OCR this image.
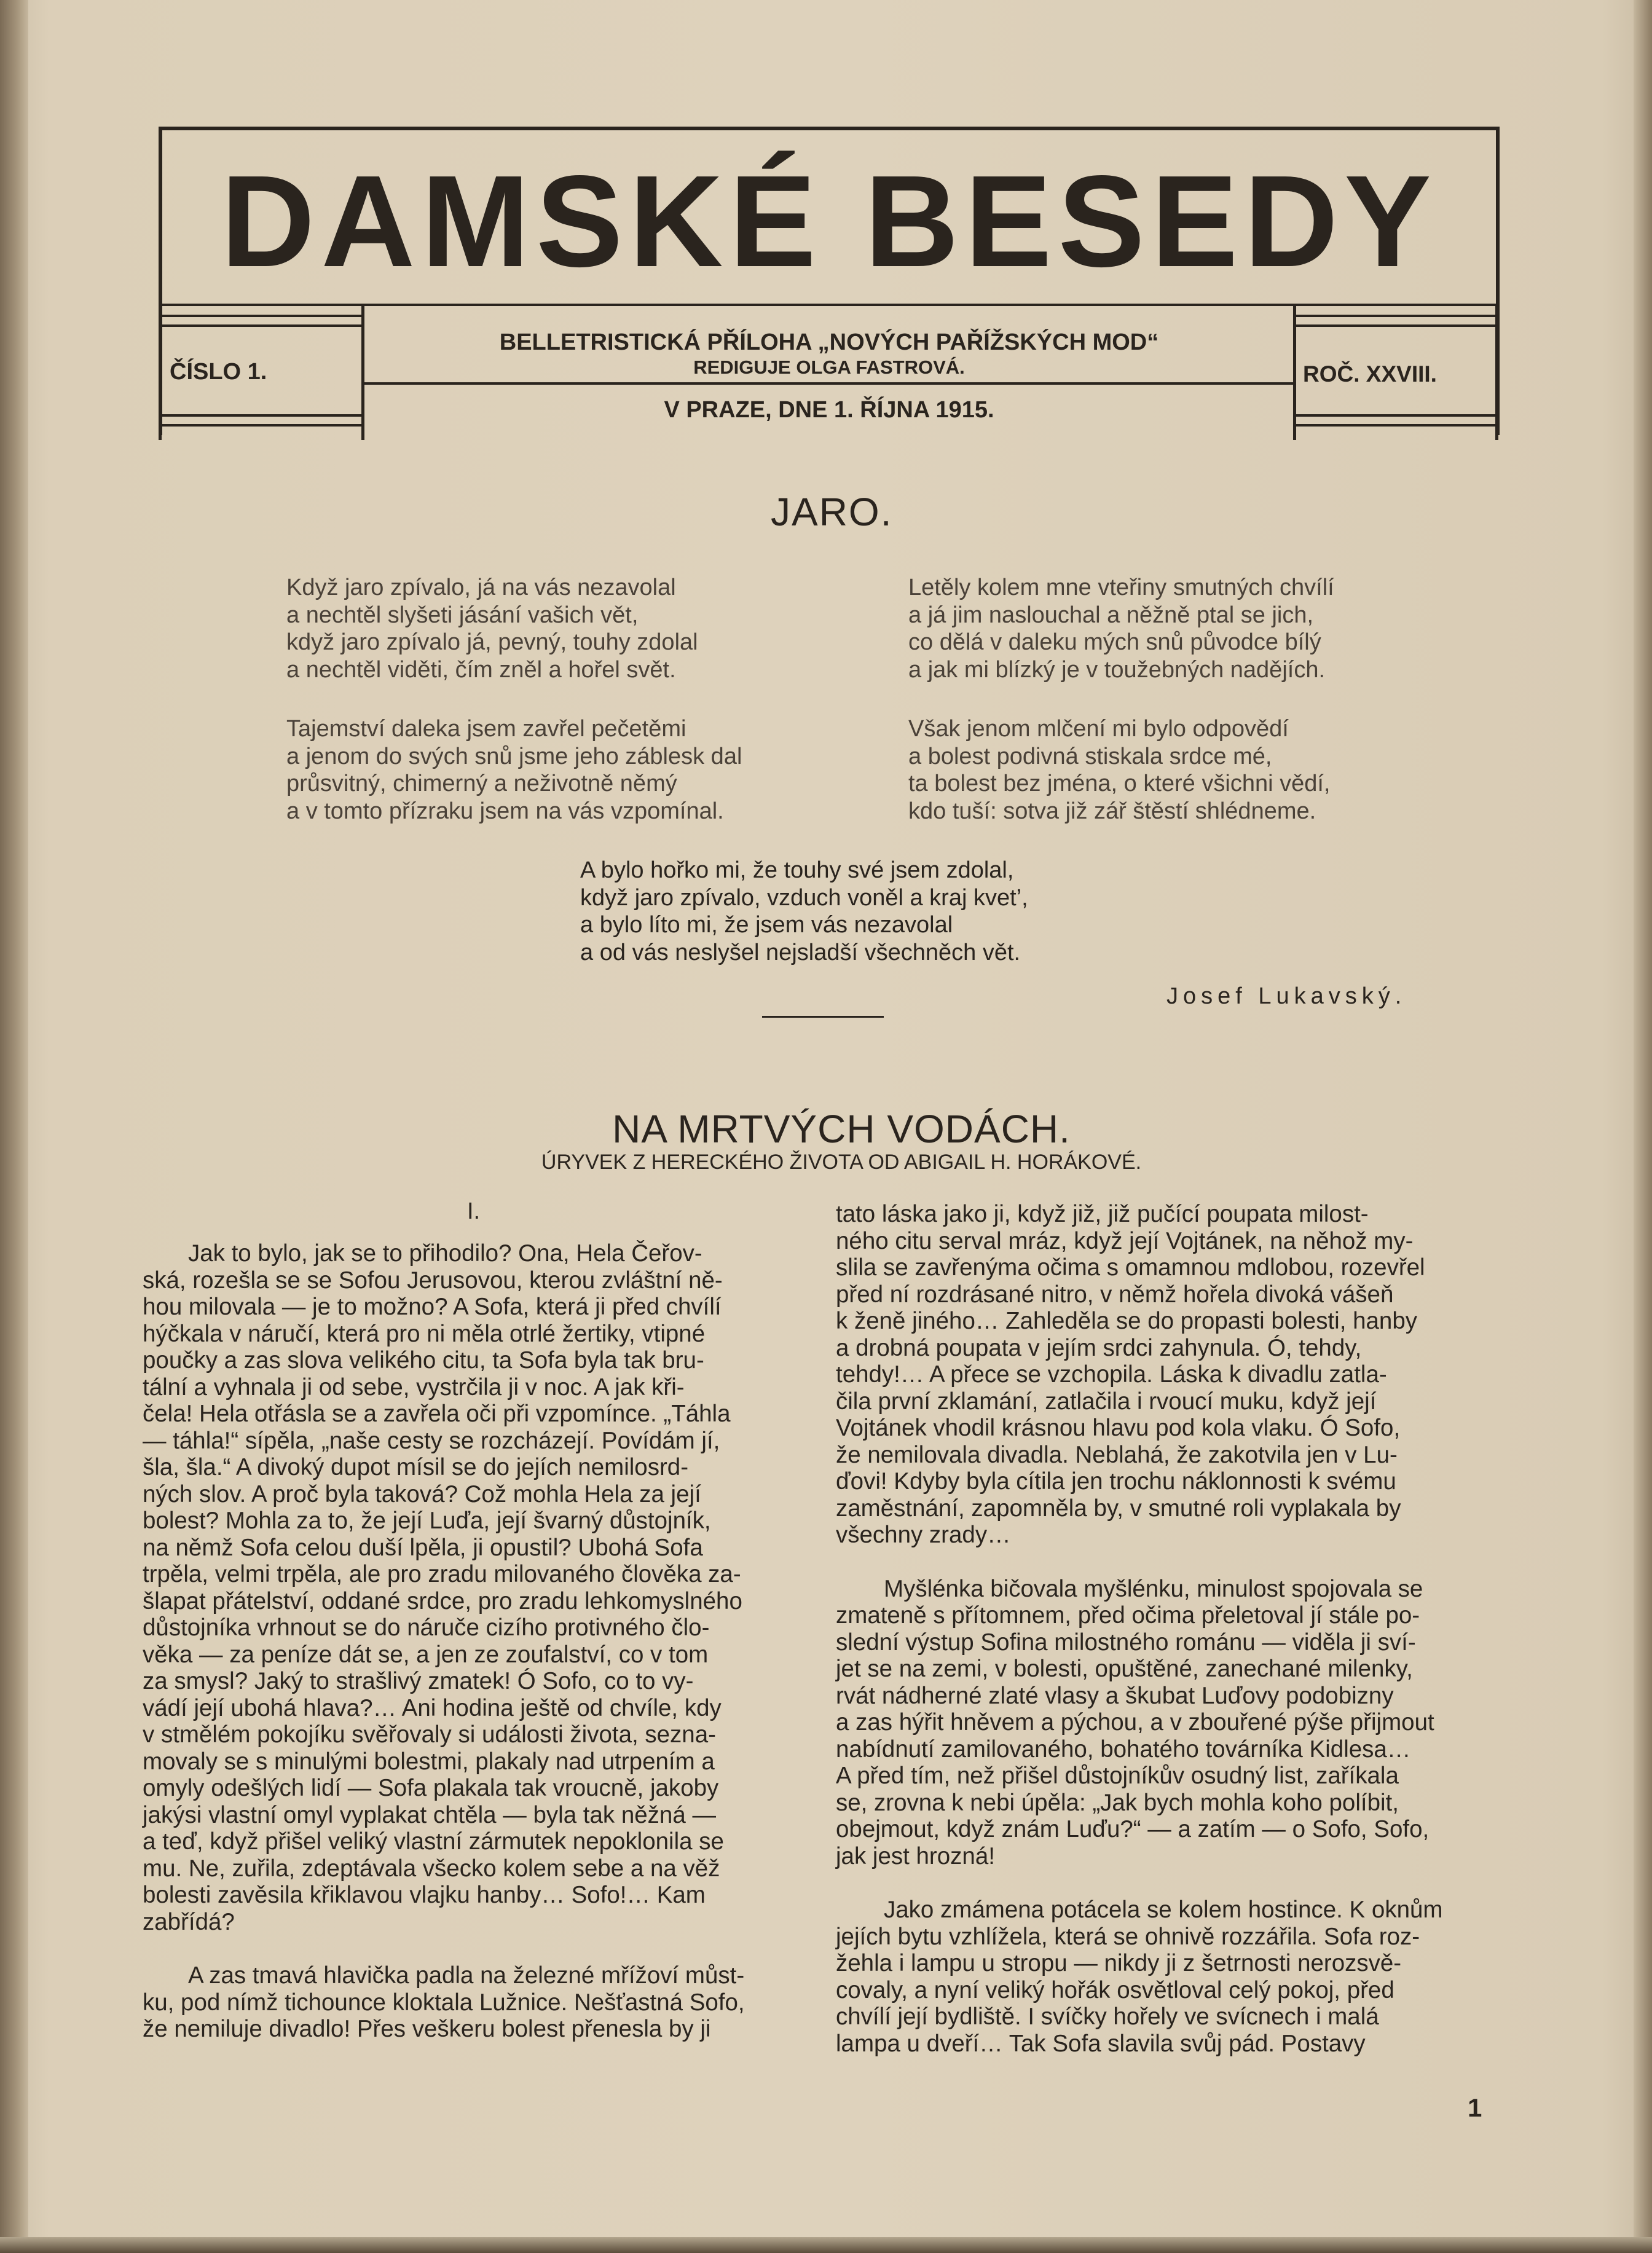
DAMSKÉ BESEDY
ČÍSLO 1.
BELLETRISTICKÁ PŘÍLOHA „NOVÝCH PAŘÍŽSKÝCH MOD“
REDIGUJE OLGA FASTROVÁ.	ROČ. XXVIII.
V PRAZE, DNE 1. ŘÍJNA 1915.
JARO.
Když jaro zpívalo, já na vás nezavolal
a nechtěl slyšeti jásání vašich vět,
když jaro zpívalo já, pevný, touhy zdolal
a nechtěl viděti, čím zněl a hořel svět.
Tajemství daleka jsem zavřel pečetěmi
a jenom do svých snů jsme jeho záblesk dal
průsvitný, chimerný a neživotně němý
a v tomto přízraku jsem na vás vzpomínal.
Letěly kolem mne vteřiny smutných chvílí
a já jim naslouchal a něžně ptal se jich,
co dělá v daleku mých snů původce bílý
a jak mi blízký je v toužebných nadějích.
Však jenom mlčení mi bylo odpovědí
a bolest podivná stiskala srdce mé,
ta bolest bez jména, o které všichni vědí,
kdo tuší: sotva již zář štěstí shlédneme.
A bylo hořko mi, že touhy své jsem zdolal,
když jaro zpívalo, vzduch voněl a kraj kvet’,
a bylo líto mi, že jsem vás nezavolal
a od vás neslyšel nejsladší všechněch vět.
Josef Lukavský.
NA MRTVÝCH VODÁCH.
ÚRYVEK Z HERECKÉHO ŽIVOTA OD ABIGAIL H. HORÁKOVÉ.
I.
Jak to bylo, jak se to přihodilo? Ona, Hela Čeřov-
ská, rozešla se se Sofou Jerusovou, kterou zvláštní ně-
hou milovala — je to možno? A Sofa, která ji před chvílí
hýčkala v náručí, která pro ni měla otrlé žertiky, vtipné
poučky a zas slova velikého citu, ta Sofa byla tak bru-
tální a vyhnala ji od sebe, vystrčila ji v noc. A jak kři-
čela! Hela otřásla se a zavřela oči při vzpomínce. „Táhla
— táhla!“ sípěla, „naše cesty se rozcházejí. Povídám jí,
šla, šla.“ A divoký dupot mísil se do jejích nemilosrd-
ných slov. A proč byla taková? Což mohla Hela za její
bolest? Mohla za to, že její Luďa, její švarný důstojník,
na němž Sofa celou duší lpěla, ji opustil? Ubohá Sofa
trpěla, velmi trpěla, ale pro zradu milovaného člověka za-
šlapat přátelství, oddané srdce, pro zradu lehkomyslného
důstojníka vrhnout se do náruče cizího protivného člo-
věka — za peníze dát se, a jen ze zoufalství, co v tom
za smysl? Jaký to strašlivý zmatek! Ó Sofo, co to vy-
vádí její ubohá hlava?… Ani hodina ještě od chvíle, kdy
v stmělém pokojíku svěřovaly si události života, sezna-
movaly se s minulými bolestmi, plakaly nad utrpením a
omyly odešlých lidí — Sofa plakala tak vroucně, jakoby
jakýsi vlastní omyl vyplakat chtěla — byla tak něžná —
a teď, když přišel veliký vlastní zármutek nepoklonila se
mu. Ne, zuřila, zdeptávala všecko kolem sebe a na věž
bolesti zavěsila křiklavou vlajku hanby… Sofo!… Kam
zabřídá?
A zas tmavá hlavička padla na železné mřížoví můst-
ku, pod nímž tichounce kloktala Lužnice. Nešťastná Sofo,
že nemiluje divadlo! Přes veškeru bolest přenesla by ji
tato láska jako ji, když již, již pučící poupata milost-
ného citu serval mráz, když její Vojtánek, na něhož my-
slila se zavřenýma očima s omamnou mdlobou, rozevřel
před ní rozdrásané nitro, v němž hořela divoká vášeň
k ženě jiného… Zahleděla se do propasti bolesti, hanby
a drobná poupata v jejím srdci zahynula. Ó, tehdy,
tehdy!… A přece se vzchopila. Láska k divadlu zatla-
čila první zklamání, zatlačila i rvoucí muku, když její
Vojtánek vhodil krásnou hlavu pod kola vlaku. Ó Sofo,
že nemilovala divadla. Neblahá, že zakotvila jen v Lu-
ďovi! Kdyby byla cítila jen trochu náklonnosti k svému
zaměstnání, zapomněla by, v smutné roli vyplakala by
všechny zrady…
Myšlénka bičovala myšlénku, minulost spojovala se
zmateně s přítomnem, před očima přeletoval jí stále po-
slední výstup Sofina milostného románu — viděla ji sví-
jet se na zemi, v bolesti, opuštěné, zanechané milenky,
rvát nádherné zlaté vlasy a škubat Luďovy podobizny
a zas hýřit hněvem a pýchou, a v zbouřené pýše přijmout
nabídnutí zamilovaného, bohatého továrníka Kidlesa…
A před tím, než přišel důstojníkův osudný list, zaříkala
se, zrovna k nebi úpěla: „Jak bych mohla koho políbit,
obejmout, když znám Luďu?“ — a zatím — o Sofo, Sofo,
jak jest hrozná!
Jako zmámena potácela se kolem hostince. K oknům
jejích bytu vzhlížela, která se ohnivě rozzářila. Sofa roz-
žehla i lampu u stropu — nikdy ji z šetrnosti nerozsvě-
covaly, a nyní veliký hořák osvětloval celý pokoj, před
chvílí její bydliště. I svíčky hořely ve svícnech i malá
lampa u dveří… Tak Sofa slavila svůj pád. Postavy
1
